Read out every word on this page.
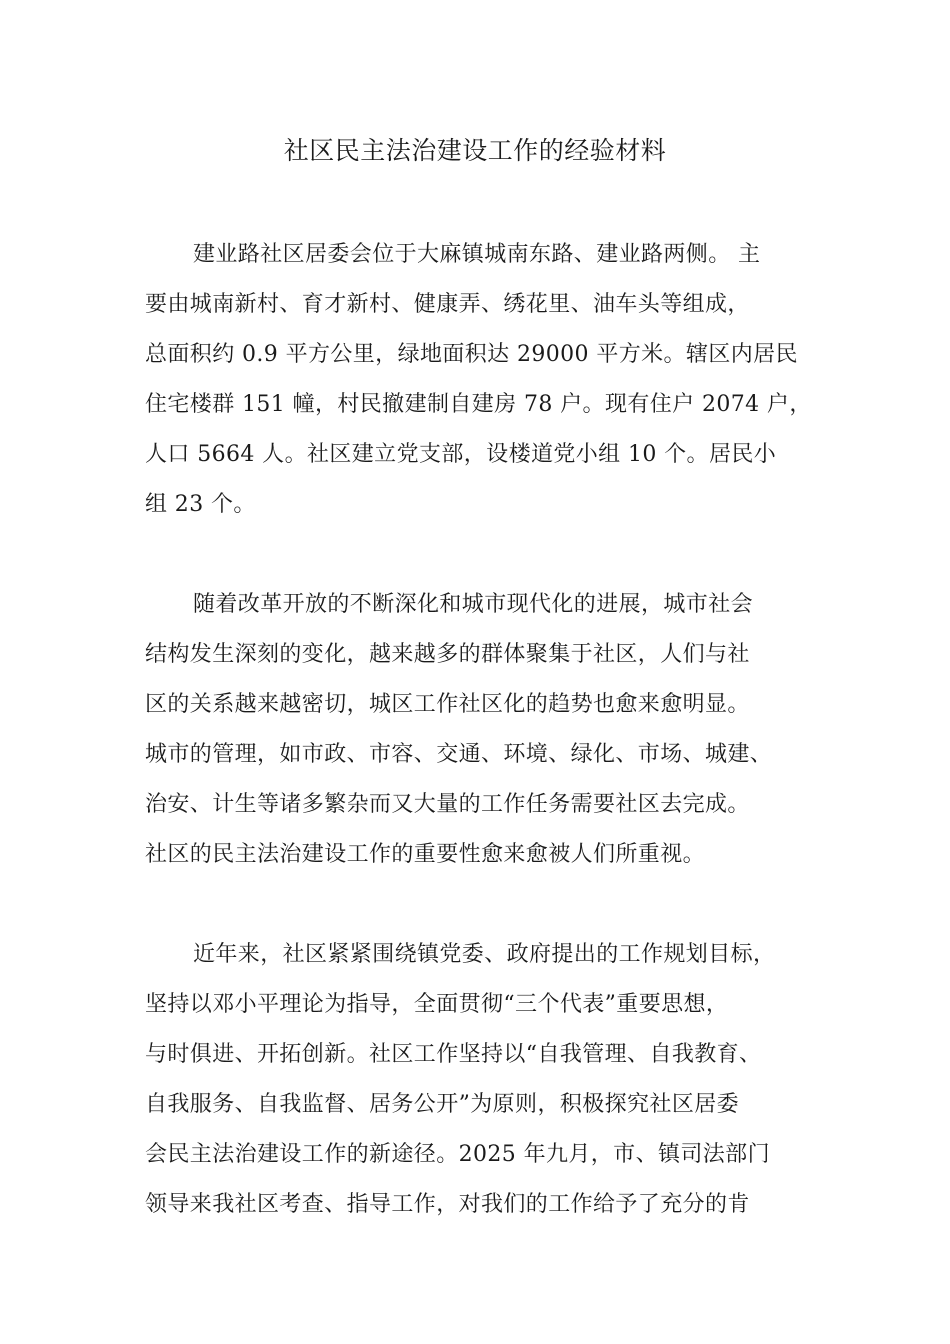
社区民主法治建设工作的经验材料
建业路社区居委会位于大麻镇城南东路、建业路两侧。 主
要由城南新村、育才新村、健康弄、绣花里、油车头等组成，
总面积约 0.9 平方公里，绿地面积达 29000 平方米。辖区内居民
住宅楼群 151 幢，村民撤建制自建房 78 户。现有住户 2074 户，
人口 5664 人。社区建立党支部，设楼道党小组 10 个。居民小
组 23 个。
随着改革开放的不断深化和城市现代化的进展，城市社会
结构发生深刻的变化，越来越多的群体聚集于社区，人们与社
区的关系越来越密切，城区工作社区化的趋势也愈来愈明显。
城市的管理，如市政、市容、交通、环境、绿化、市场、城建、
治安、计生等诸多繁杂而又大量的工作任务需要社区去完成。
社区的民主法治建设工作的重要性愈来愈被人们所重视。
近年来，社区紧紧围绕镇党委、政府提出的工作规划目标，
坚持以邓小平理论为指导，全面贯彻“三个代表”重要思想，
与时俱进、开拓创新。社区工作坚持以“自我管理、自我教育、
自我服务、自我监督、居务公开”为原则，积极探究社区居委
会民主法治建设工作的新途径。2025 年九月，市、镇司法部门
领导来我社区考查、指导工作，对我们的工作给予了充分的肯
